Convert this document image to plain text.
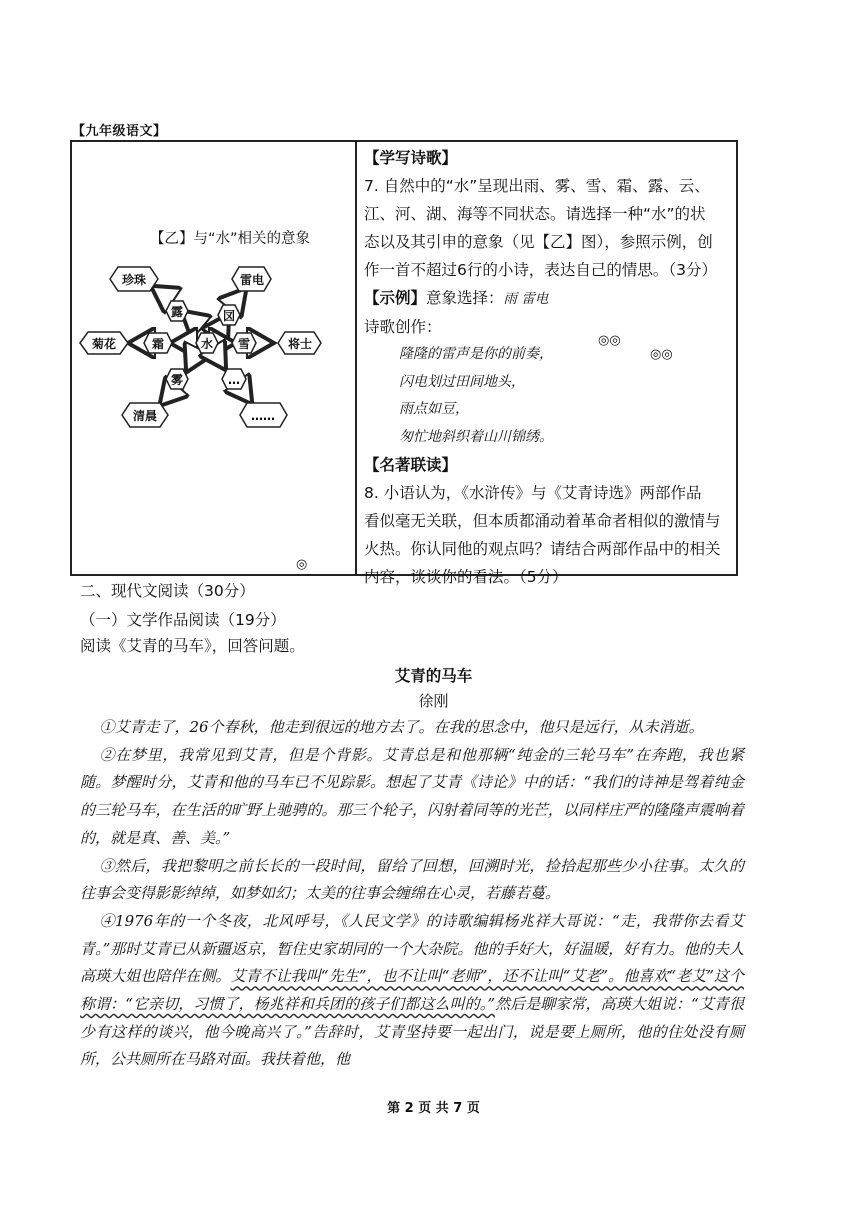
【九年级语文】
【乙】与“水”相关的意象
水
露	㘝
霜	雪
雾	…
珍珠	雷电
菊花	将士
清晨	……
◎

【学写诗歌】

7. 自然中的“水”呈现出雨、雾、雪、霜、露、云、

江、河、湖、海等不同状态。请选择一种“水”的状

态以及其引申的意象（见【乙】图），参照示例，创

作一首不超过6行的小诗，表达自己的情思。（3分）

【示例】意象选择：雨 雷电

诗歌创作：

隆隆的雷声是你的前奏，

闪电划过田间地头，

雨点如豆，

匆忙地斜织着山川锦绣。

【名著联读】

8. 小语认为，《水浒传》与《艾青诗选》两部作品

看似毫无关联，但本质都涌动着革命者相似的激情与

火热。你认同他的观点吗？请结合两部作品中的相关

内容，谈谈你的看法。（5分）

◎◎
◎◎
二、现代文阅读（30分）
（一）文学作品阅读（19分）
阅读《艾青的马车》，回答问题。
艾青的马车
徐刚

①艾青走了，26个春秋，他走到很远的地方去了。在我的思念中，他只是远行，从未消逝。

②在梦里，我常见到艾青，但是个背影。艾青总是和他那辆“纯金的三轮马车”在奔跑，我也紧随。梦醒时分，艾青和他的马车已不见踪影。想起了艾青《诗论》中的话：“我们的诗神是驾着纯金的三轮马车，在生活的旷野上驰骋的。那三个轮子，闪射着同等的光芒，以同样庄严的隆隆声震响着的，就是真、善、美。”

③然后，我把黎明之前长长的一段时间，留给了回想，回溯时光，捡拾起那些少小往事。太久的往事会变得影影绰绰，如梦如幻；太美的往事会缠绵在心灵，若藤若蔓。

④1976年的一个冬夜，北风呼号，《人民文学》的诗歌编辑杨兆祥大哥说：“走，我带你去看艾青。”那时艾青已从新疆返京，暂住史家胡同的一个大杂院。他的手好大，好温暖，好有力。他的夫人高瑛大姐也陪伴在侧。艾青不让我叫“先生”，也不让叫“老师”，还不让叫“艾老”。他喜欢“老艾”这个称谓：“它亲切，习惯了，杨兆祥和兵团的孩子们都这么叫的。”然后是聊家常，高瑛大姐说：“艾青很少有这样的谈兴，他今晚高兴了。”告辞时，艾青坚持要一起出门，说是要上厕所，他的住处没有厕所，公共厕所在马路对面。我扶着他，他

第 2 页 共 7 页
